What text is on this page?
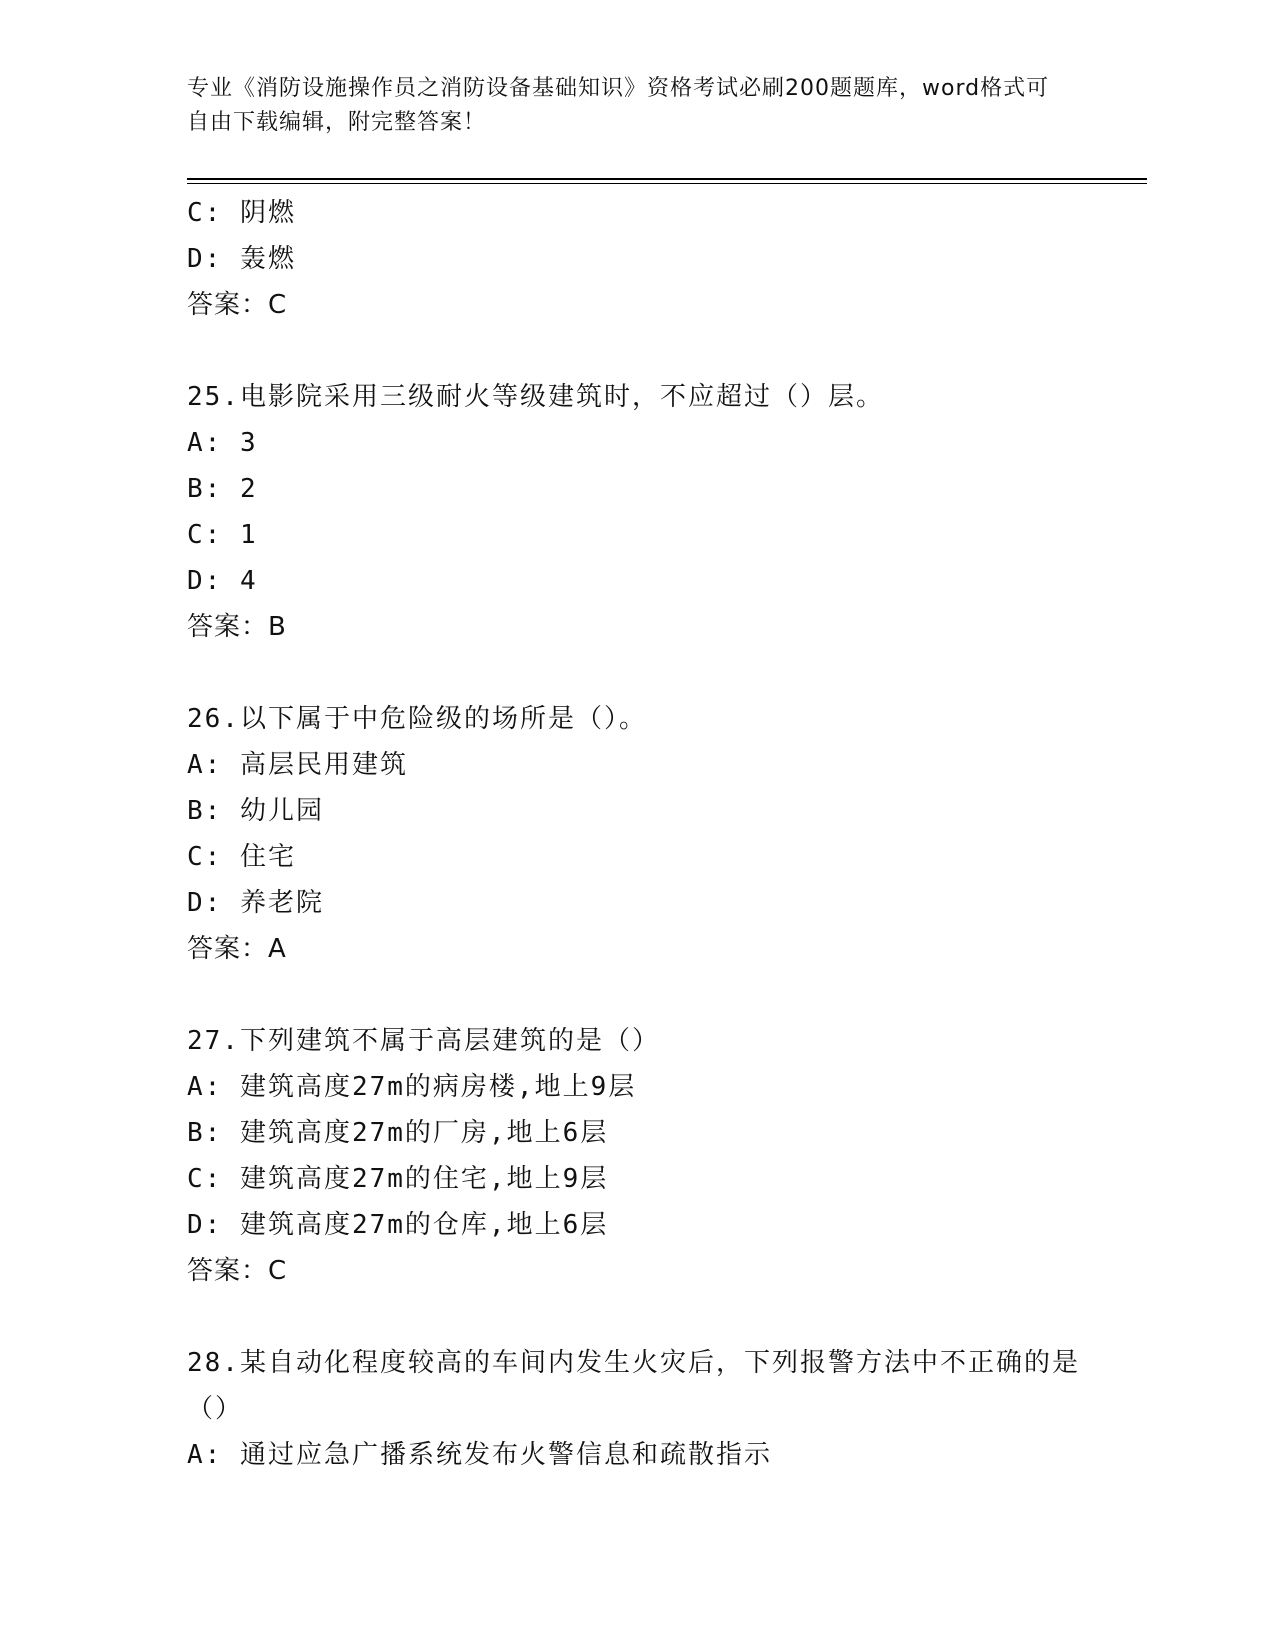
专业《消防设施操作员之消防设备基础知识》资格考试必刷200题题库，word格式可自由下载编辑，附完整答案！
C: 阴燃
D: 轰燃
答案：C
25.电影院采用三级耐火等级建筑时，不应超过（）层。
A: 3
B: 2
C: 1
D: 4
答案：B
26.以下属于中危险级的场所是（）。
A: 高层民用建筑
B: 幼儿园
C: 住宅
D: 养老院
答案：A
27.下列建筑不属于高层建筑的是（）
A: 建筑高度27m的病房楼,地上9层
B: 建筑高度27m的厂房,地上6层
C: 建筑高度27m的住宅,地上9层
D: 建筑高度27m的仓库,地上6层
答案：C
28.某自动化程度较高的车间内发生火灾后，下列报警方法中不正确的是（）
A: 通过应急广播系统发布火警信息和疏散指示
